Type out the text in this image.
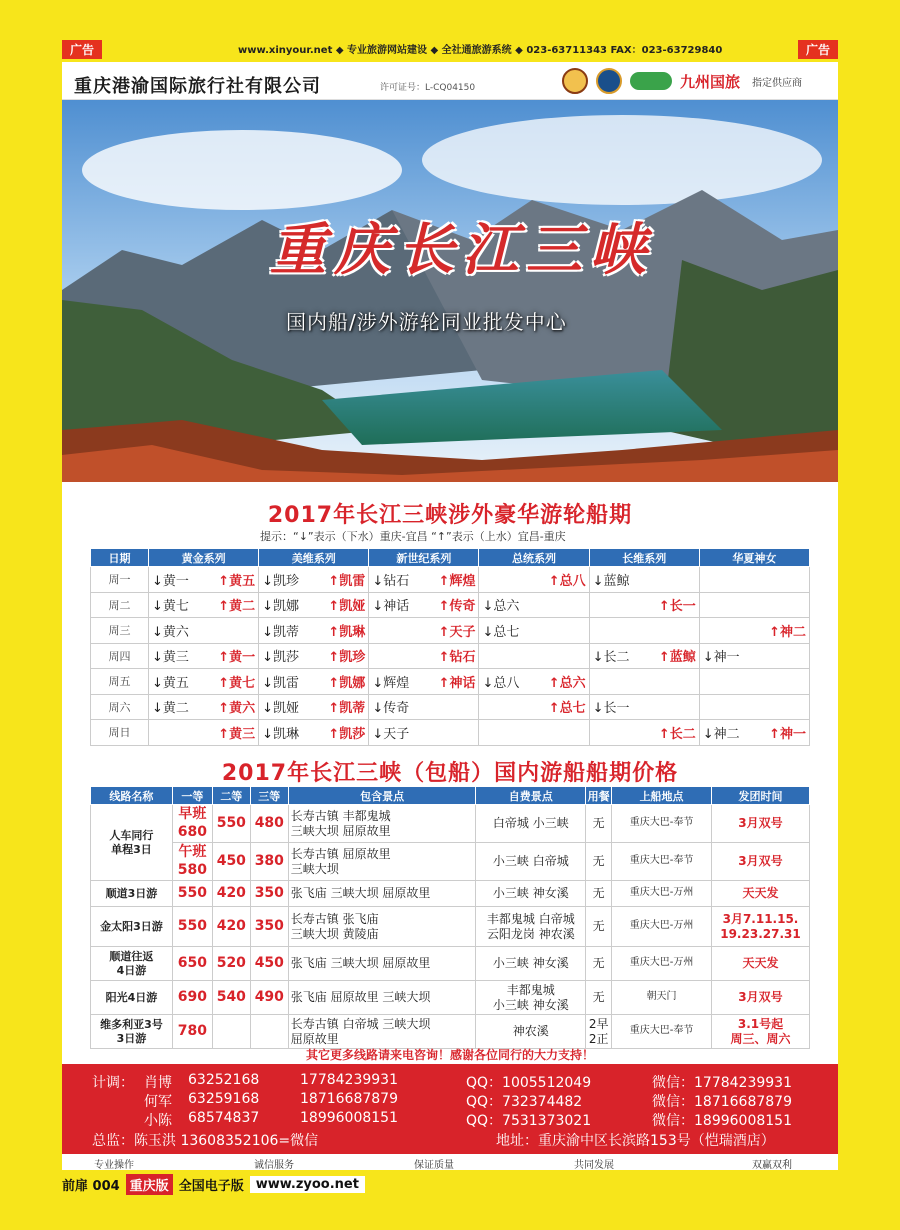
广告	www.xinyour.net ◆ 专业旅游网站建设 ◆ 全社通旅游系统 ◆ 023-63711343 FAX：023-63729840	广告
重庆港渝国际旅行社有限公司	许可证号：L-CQ04150	九州国旅 指定供应商
重庆长江三峡
国内船/涉外游轮同业批发中心
2017年长江三峡涉外豪华游轮船期
提示：“↓”表示（下水）重庆-宜昌 “↑”表示（上水）宜昌-重庆
日期	黄金系列	美维系列	新世纪系列	总统系列	长维系列	华夏神女
周一	↓黄一 ↑黄五	↓凯珍 ↑凯雷	↓钻石 ↑辉煌	↑总八	↓蓝鲸	

周二	↓黄七 ↑黄二	↓凯娜 ↑凯娅	↓神话 ↑传奇	↓总六	↑长一	

周三	↓黄六	↓凯蒂 ↑凯琳	↑天子	↓总七		↑神二

周四	↓黄三 ↑黄一	↓凯莎 ↑凯珍	↑钻石		↓长二 ↑蓝鲸	↓神一

周五	↓黄五 ↑黄七	↓凯雷 ↑凯娜	↓辉煌 ↑神话	↓总八 ↑总六		

周六	↓黄二 ↑黄六	↓凯娅 ↑凯蒂	↓传奇	↑总七	↓长一	

周日	↑黄三	↓凯琳 ↑凯莎	↓天子		↑长二	↓神二 ↑神一
2017年长江三峡（包船）国内游船船期价格
线路名称	一等	二等	三等	包含景点	自费景点	用餐	上船地点	发团时间
人车同行
单程3日	早班
680	550	480	长寿古镇 丰都鬼城
三峡大坝 屈原故里	白帝城 小三峡	无	重庆大巴-奉节	3月双号
	午班
580	450	380	长寿古镇 屈原故里
三峡大坝	小三峡 白帝城	无	重庆大巴-奉节	3月双号
顺道3日游	550	420	350	张飞庙 三峡大坝 屈原故里	小三峡 神女溪	无	重庆大巴-万州	天天发
金太阳3日游	550	420	350	长寿古镇 张飞庙
三峡大坝 黄陵庙	丰都鬼城 白帝城
云阳龙岗 神农溪	无	重庆大巴-万州	3月7.11.15.
19.23.27.31
顺道往返
4日游	650	520	450	张飞庙 三峡大坝 屈原故里	小三峡 神女溪	无	重庆大巴-万州	天天发
阳光4日游	690	540	490	张飞庙 屈原故里 三峡大坝	丰都鬼城
小三峡 神女溪	无	朝天门	3月双号
维多利亚3号
3日游	780			长寿古镇 白帝城 三峡大坝
屈原故里	神农溪	2早
2正	重庆大巴-奉节	3.1号起
周三、周六
其它更多线路请来电咨询！感谢各位同行的大力支持！
计调： 肖博 63252168	17784239931	QQ：1005512049	微信：17784239931
何军 63259168	18716687879	QQ：732374482	微信：18716687879
小陈 68574837	18996008151	QQ：7531373021	微信：18996008151
总监：陈玉洪 13608352106=微信	地址：重庆渝中区长滨路153号（恺瑞酒店）
专业操作	诚信服务	保证质量	共同发展	双赢双利
前扉 004 重庆版 全国电子版 www.zyoo.net
